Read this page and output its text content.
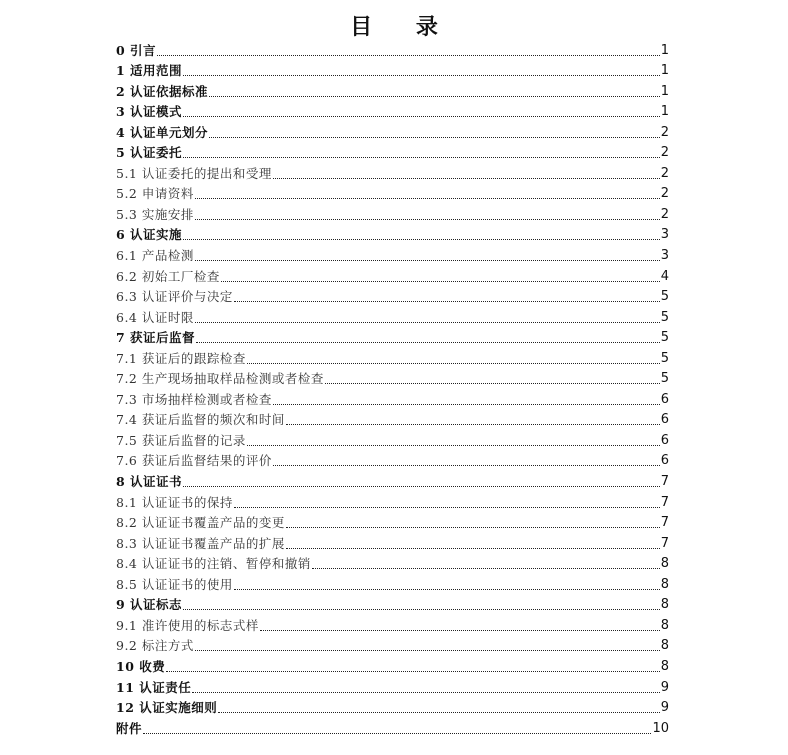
目 录
0 引言	1
1 适用范围	1
2 认证依据标准	1
3 认证模式	1
4 认证单元划分	2
5 认证委托	2
5.1 认证委托的提出和受理	2
5.2 申请资料	2
5.3 实施安排	2
6 认证实施	3
6.1 产品检测	3
6.2 初始工厂检查	4
6.3 认证评价与决定	5
6.4 认证时限	5
7 获证后监督	5
7.1 获证后的跟踪检查	5
7.2 生产现场抽取样品检测或者检查	5
7.3 市场抽样检测或者检查	6
7.4 获证后监督的频次和时间	6
7.5 获证后监督的记录	6
7.6 获证后监督结果的评价	6
8 认证证书	7
8.1 认证证书的保持	7
8.2 认证证书覆盖产品的变更	7
8.3 认证证书覆盖产品的扩展	7
8.4 认证证书的注销、暂停和撤销	8
8.5 认证证书的使用	8
9 认证标志	8
9.1 准许使用的标志式样	8
9.2 标注方式	8
10 收费	8
11 认证责任	9
12 认证实施细则	9
附件	10
